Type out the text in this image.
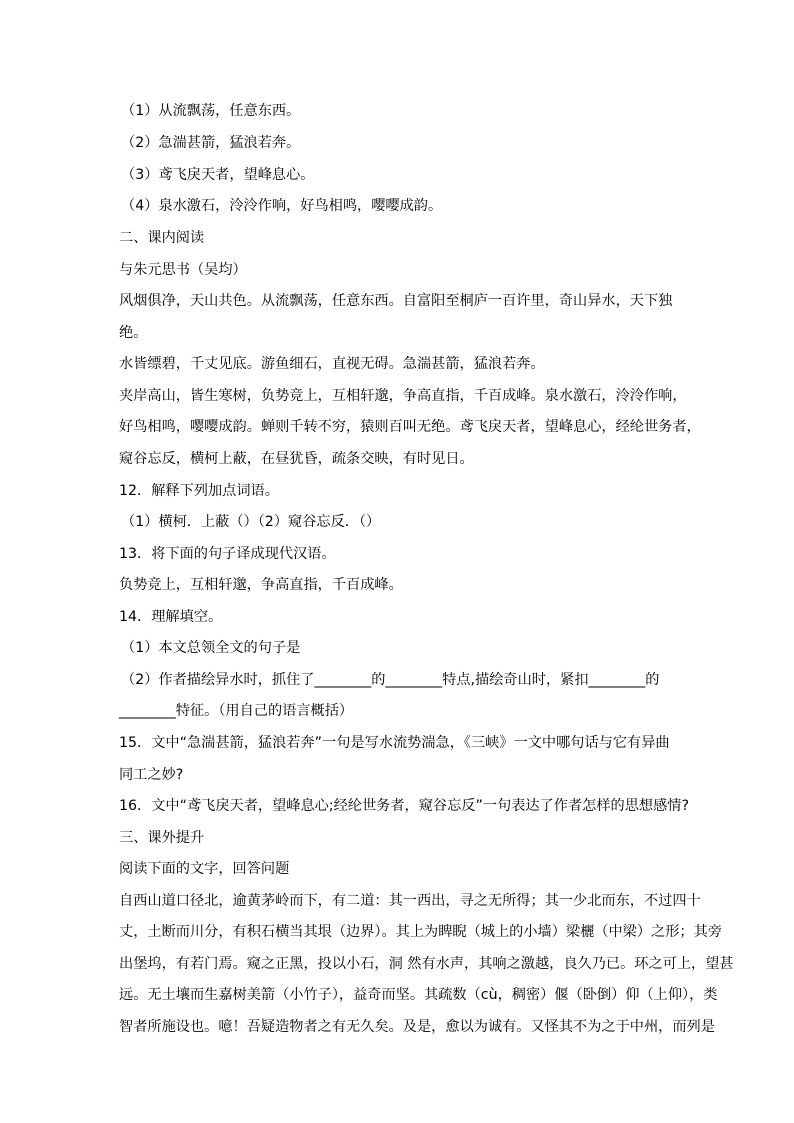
（1）从流飘荡，任意东西。
（2）急湍甚箭，猛浪若奔。
（3）鸢飞戾天者，望峰息心。
（4）泉水激石，泠泠作响，好鸟相鸣，嘤嘤成韵。
二、课内阅读
与朱元思书（吴均）
风烟俱净，天山共色。从流飘荡，任意东西。自富阳至桐庐一百许里，奇山异水，天下独
绝。
水皆缥碧，千丈见底。游鱼细石，直视无碍。急湍甚箭，猛浪若奔。
夹岸高山，皆生寒树，负势竞上，互相轩邈，争高直指，千百成峰。泉水激石，泠泠作响，
好鸟相鸣，嘤嘤成韵。蝉则千转不穷，猿则百叫无绝。鸢飞戾天者，望峰息心，经纶世务者，
窥谷忘反，横柯上蔽，在昼犹昏，疏条交映，有时见日。
12．解释下列加点词语。
（1）横柯．上蔽（）（2）窥谷忘反．（）
13．将下面的句子译成现代汉语。
负势竞上，互相轩邈，争高直指，千百成峰。
14．理解填空。
（1）本文总领全文的句子是
（2）作者描绘异水时，抓住了________的________特点,描绘奇山时，紧扣________的
________特征。（用自己的语言概括）
15．文中“急湍甚箭，猛浪若奔”一句是写水流势湍急，《三峡》一文中哪句话与它有异曲
同工之妙?
16．文中“鸢飞戾天者，望峰息心;经纶世务者，窥谷忘反”一句表达了作者怎样的思想感情?
三、课外提升
阅读下面的文字，回答问题
自西山道口径北，逾黄茅岭而下，有二道：其一西出，寻之无所得；其一少北而东，不过四十
丈，土断而川分，有积石横当其垠（边界）。其上为睥睨（城上的小墙）梁欐（中梁）之形；其旁
出堡坞，有若门焉。窥之正黑，投以小石，洞 然有水声，其响之激越，良久乃已。环之可上，望甚
远。无土壤而生嘉树美箭（小竹子），益奇而坚。其疏数（cù，稠密）偃（卧倒）仰（上仰），类
智者所施设也。噫！吾疑造物者之有无久矣。及是，愈以为诚有。又怪其不为之于中州，而列是
